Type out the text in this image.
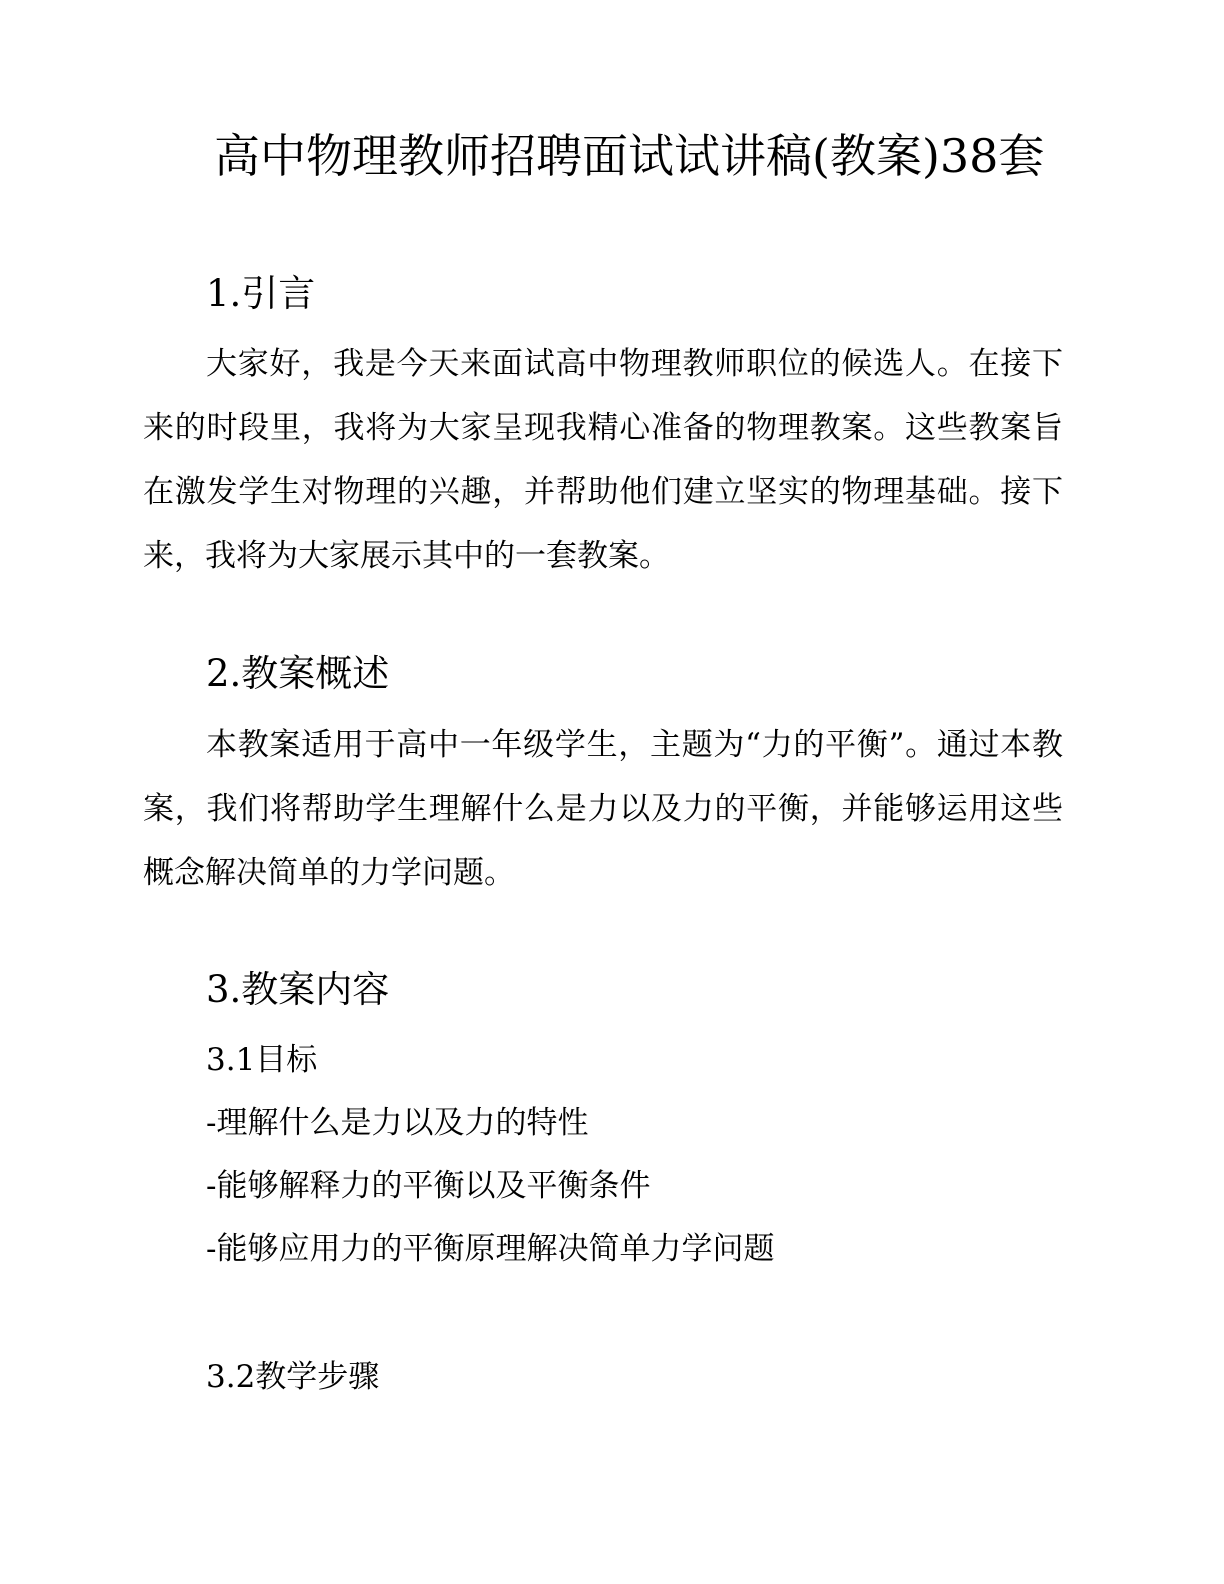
高中物理教师招聘面试试讲稿(教案)38套
1.引言

大家好，我是今天来面试高中物理教师职位的候选人。在接下来的时段里，我将为大家呈现我精心准备的物理教案。这些教案旨在激发学生对物理的兴趣，并帮助他们建立坚实的物理基础。接下来，我将为大家展示其中的一套教案。

2.教案概述

本教案适用于高中一年级学生，主题为“力的平衡”。通过本教案，我们将帮助学生理解什么是力以及力的平衡，并能够运用这些概念解决简单的力学问题。

3.教案内容
3.1目标
-理解什么是力以及力的特性
-能够解释力的平衡以及平衡条件
-能够应用力的平衡原理解决简单力学问题
3.2教学步骤
